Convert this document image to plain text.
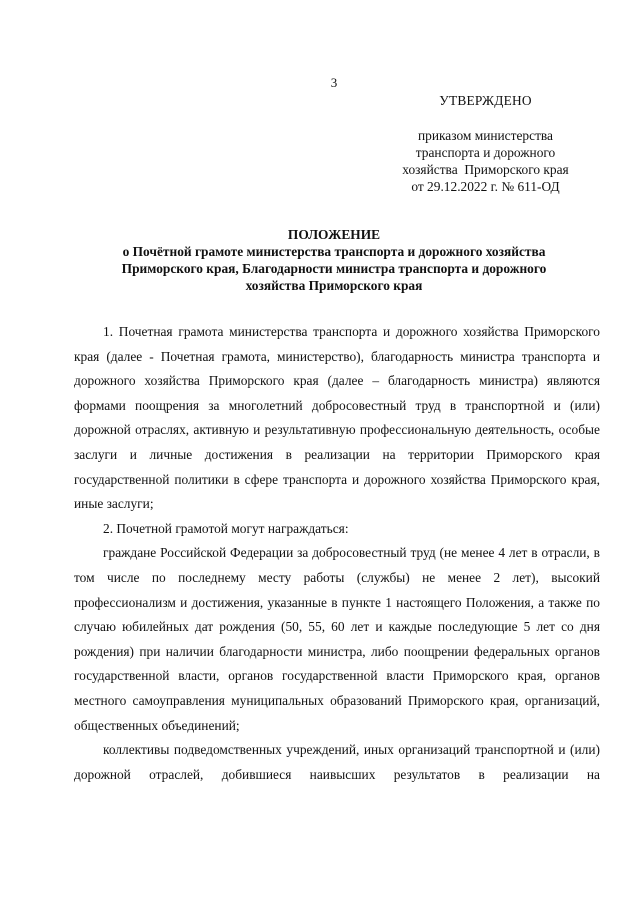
3
УТВЕРЖДЕНО
приказом министерства
транспорта и дорожного
хозяйства  Приморского края
от 29.12.2022 г. № 611-ОД
ПОЛОЖЕНИЕ
о Почётной грамоте министерства транспорта и дорожного хозяйства
Приморского края, Благодарности министра транспорта и дорожного
хозяйства Приморского края

1. Почетная грамота министерства транспорта и дорожного хозяйства Приморского края (далее - Почетная грамота, министерство), благодарность министра транспорта и дорожного хозяйства Приморского края (далее – благодарность министра) являются формами поощрения за многолетний добросовестный труд в транспортной и (или) дорожной отраслях, активную и результативную профессиональную деятельность, особые заслуги и личные достижения в реализации на территории Приморского края государственной политики в сфере транспорта и дорожного хозяйства Приморского края, иные заслуги;

2. Почетной грамотой могут награждаться:

граждане Российской Федерации за добросовестный труд (не менее 4 лет в отрасли, в том числе по последнему месту работы (службы) не менее 2 лет), высокий профессионализм и достижения, указанные в пункте 1 настоящего Положения, а также по случаю юбилейных дат рождения (50, 55, 60 лет и каждые последующие 5 лет со дня рождения) при наличии благодарности министра, либо поощрении федеральных органов государственной власти, органов государственной власти Приморского края, органов местного самоуправления муниципальных образований Приморского края, организаций, общественных объединений;

коллективы подведомственных учреждений, иных организаций транспортной и (или) дорожной отраслей, добившиеся наивысших результатов в реализации на
